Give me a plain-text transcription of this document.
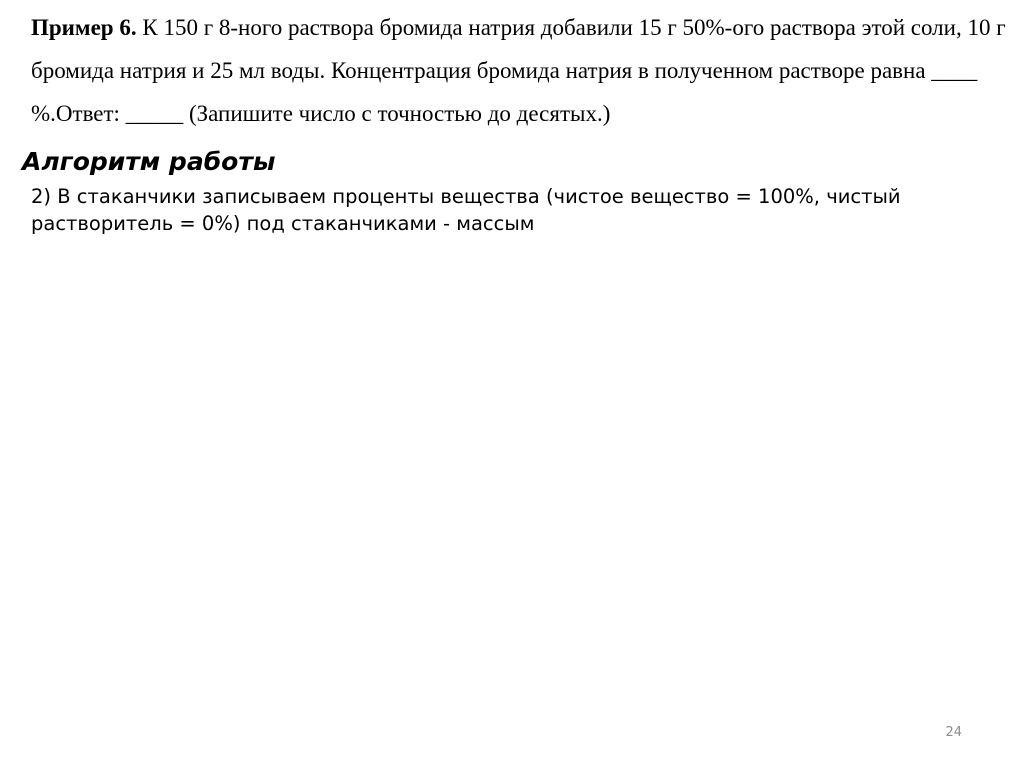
Пример 6. К 150 г 8-ного раствора бромида натрия добавили 15 г 50%-ого раствора этой соли, 10 г бромида натрия и 25 мл воды. Концентрация бромида натрия в полученном растворе равна ____ %.Ответ: _____ (Запишите число с точностью до десятых.)
Алгоритм работы
2) В стаканчики записываем проценты вещества (чистое вещество = 100%, чистый растворитель = 0%) под стаканчиками - массым
24
